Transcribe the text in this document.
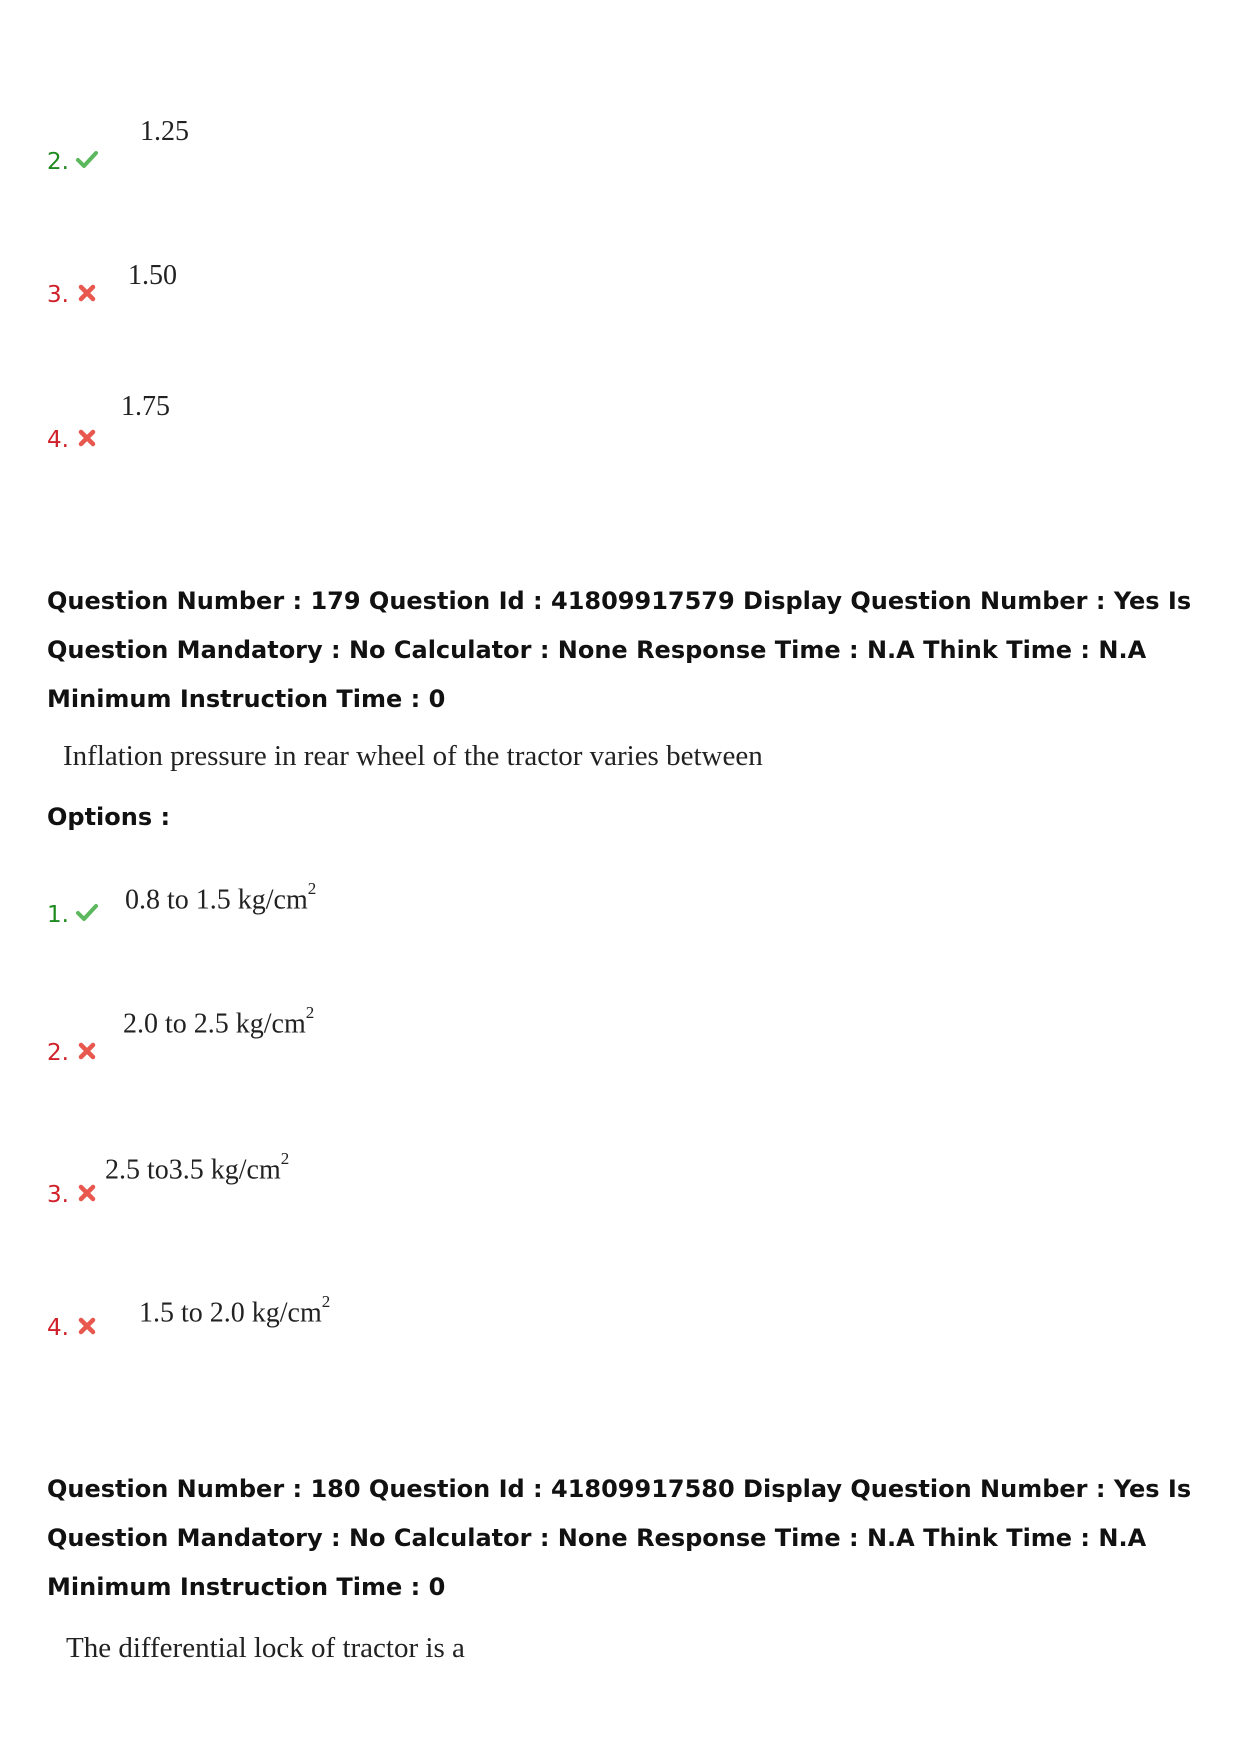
2.
1.25
3.
1.50
4.
1.75
Question Number : 179 Question Id : 41809917579 Display Question Number : Yes Is Question Mandatory : No Calculator : None Response Time : N.A Think Time : N.A Minimum Instruction Time : 0
Inflation pressure in rear wheel of the tractor varies between
Options :
1. 0.8 to 1.5 $kg/cm^2$
2.
2.0 to 2.5 $kg/cm^2$
3.
2.5 to3.5 $kg/cm^2$
4.	1.5 to 2.0 $kg/cm^2$
Question Number : 180 Question Id : 41809917580 Display Question Number : Yes Is Question Mandatory : No Calculator : None Response Time : N.A Think Time : N.A Minimum Instruction Time : 0
The differential lock of tractor is a
